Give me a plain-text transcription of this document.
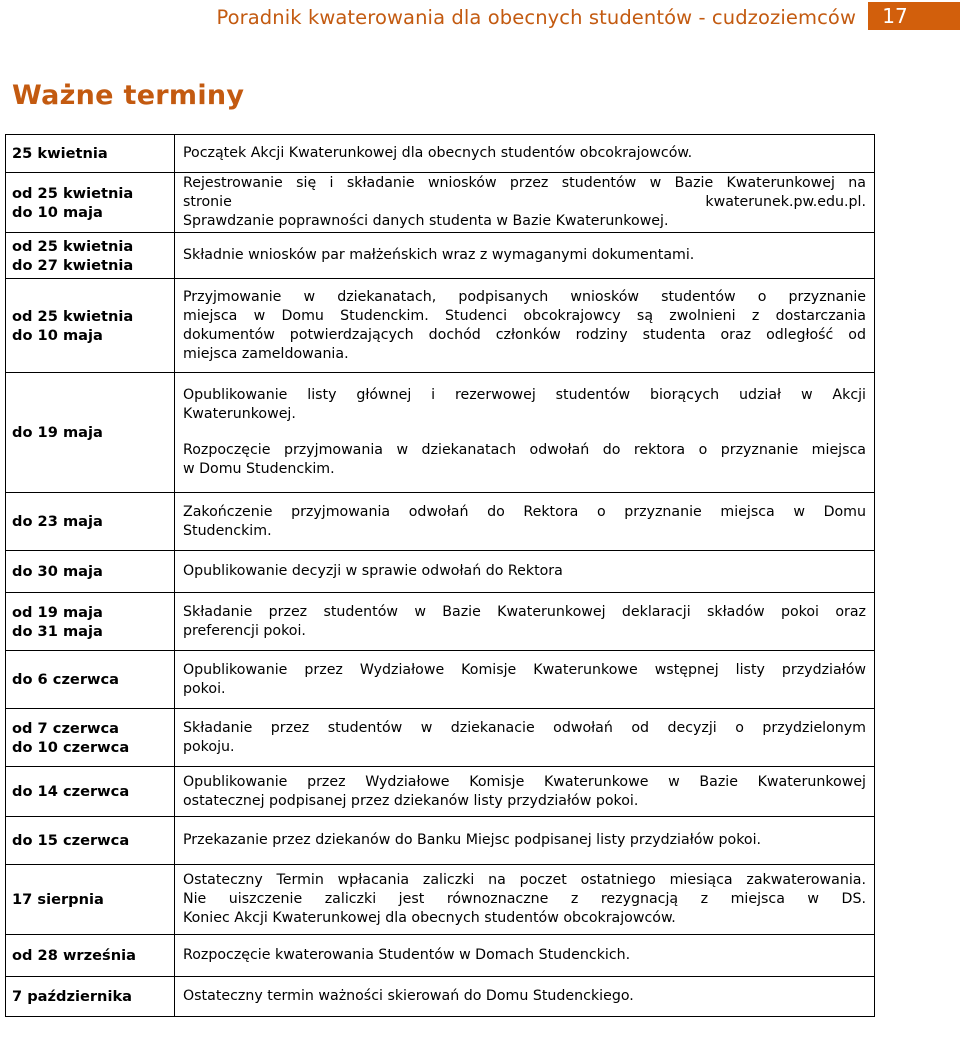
Poradnik kwaterowania dla obecnych studentów - cudzoziemców	17
Ważne terminy
25 kwietnia	Początek Akcji Kwaterunkowej dla obecnych studentów obcokrajowców.

od 25 kwietnia
do 10 maja	Rejestrowanie się i składanie wniosków przez studentów w Bazie Kwaterunkowej na
stronie kwaterunek.pw.edu.pl.
Sprawdzanie poprawności danych studenta w Bazie Kwaterunkowej.

od 25 kwietnia
do 27 kwietnia	Składnie wniosków par małżeńskich wraz z wymaganymi dokumentami.

od 25 kwietnia
do 10 maja	Przyjmowanie w dziekanatach, podpisanych wniosków studentów o przyznanie
miejsca w Domu Studenckim. Studenci obcokrajowcy są zwolnieni z dostarczania
dokumentów potwierdzających dochód członków rodziny studenta oraz odległość od
miejsca zameldowania.

do 19 maja	Opublikowanie listy głównej i rezerwowej studentów biorących udział w Akcji
Kwaterunkowej.

Rozpoczęcie przyjmowania w dziekanatach odwołań do rektora o przyznanie miejsca
w Domu Studenckim.

do 23 maja	Zakończenie przyjmowania odwołań do Rektora o przyznanie miejsca w Domu
Studenckim.

do 30 maja	Opublikowanie decyzji w sprawie odwołań do Rektora

od 19 maja
do 31 maja	Składanie przez studentów w Bazie Kwaterunkowej deklaracji składów pokoi oraz
preferencji pokoi.

do 6 czerwca	Opublikowanie przez Wydziałowe Komisje Kwaterunkowe wstępnej listy przydziałów
pokoi.

od 7 czerwca
do 10 czerwca	Składanie przez studentów w dziekanacie odwołań od decyzji o przydzielonym
pokoju.

do 14 czerwca	Opublikowanie przez Wydziałowe Komisje Kwaterunkowe w Bazie Kwaterunkowej
ostatecznej podpisanej przez dziekanów listy przydziałów pokoi.

do 15 czerwca	Przekazanie przez dziekanów do Banku Miejsc podpisanej listy przydziałów pokoi.

17 sierpnia	Ostateczny Termin wpłacania zaliczki na poczet ostatniego miesiąca zakwaterowania.
Nie uiszczenie zaliczki jest równoznaczne z rezygnacją z miejsca w DS.
Koniec Akcji Kwaterunkowej dla obecnych studentów obcokrajowców.

od 28 września	Rozpoczęcie kwaterowania Studentów w Domach Studenckich.

7 października	Ostateczny termin ważności skierowań do Domu Studenckiego.
